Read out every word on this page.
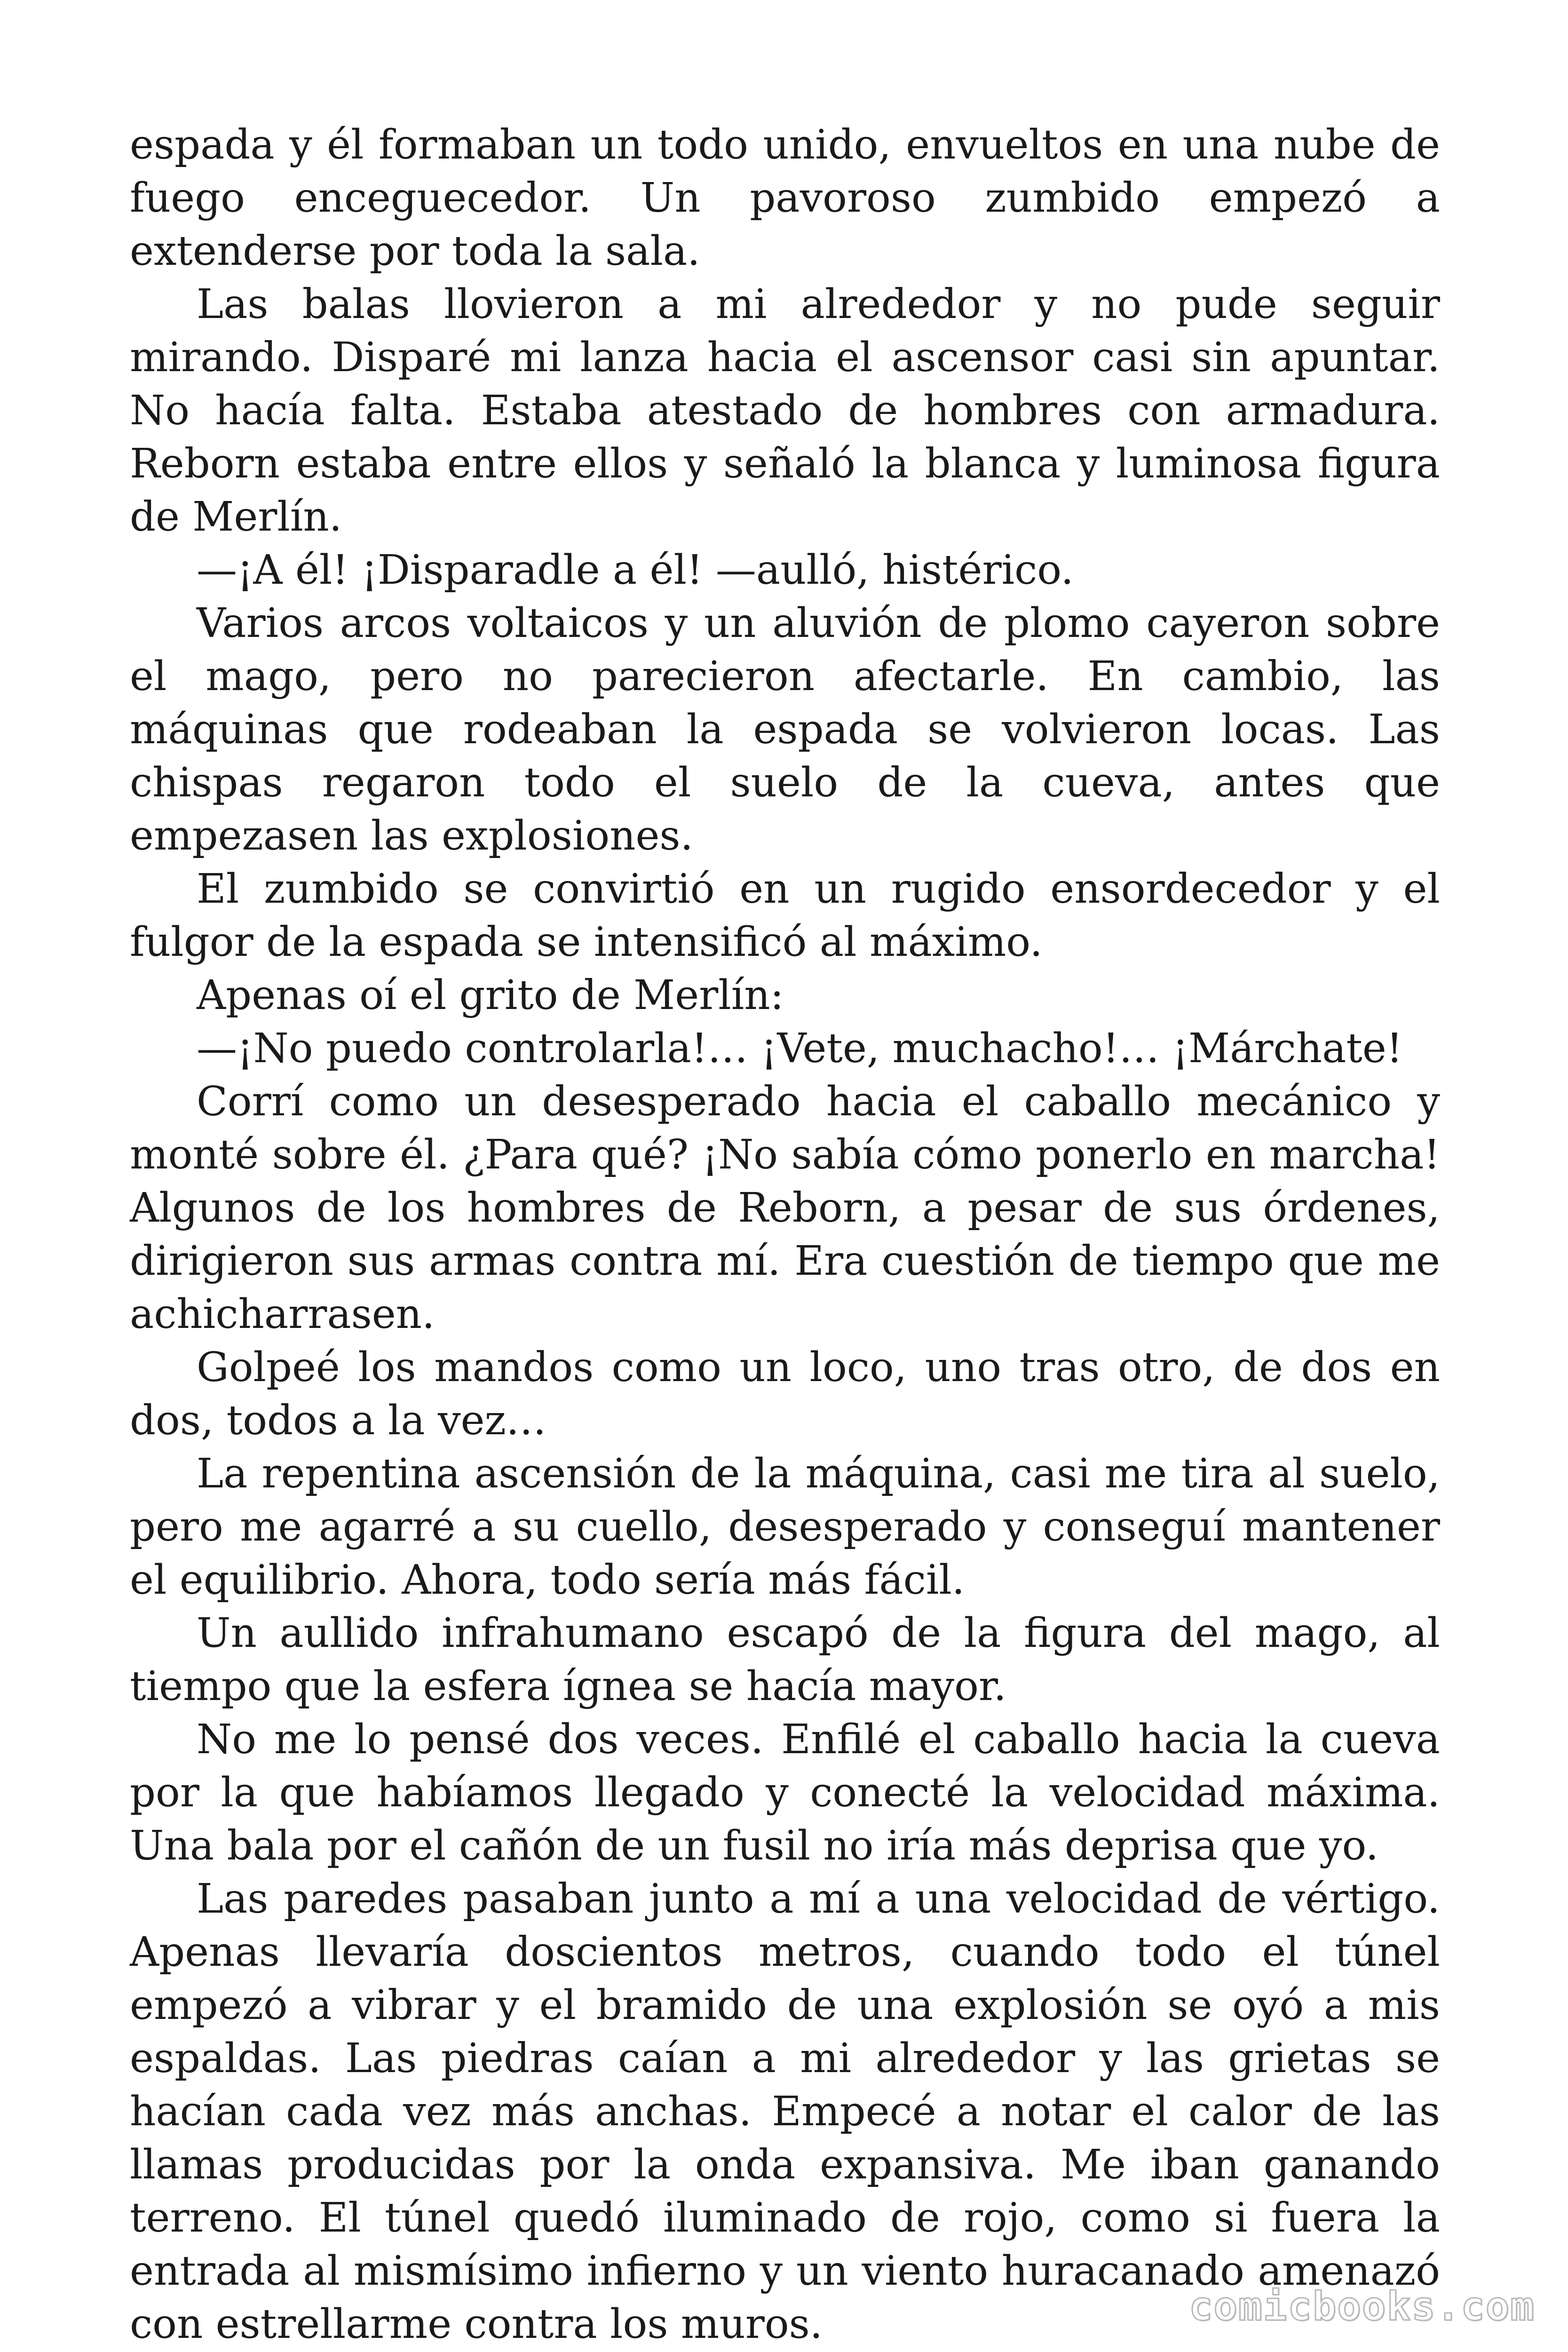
espada y él formaban un todo unido, envueltos en una nube de fuego enceguecedor. Un pavoroso zumbido empezó a extenderse por toda la sala.

Las balas llovieron a mi alrededor y no pude seguir mirando. Disparé mi lanza hacia el ascensor casi sin apuntar. No hacía falta. Estaba atestado de hombres con armadura. Reborn estaba entre ellos y señaló la blanca y luminosa figura de Merlín.

—¡A él! ¡Disparadle a él! —aulló, histérico.

Varios arcos voltaicos y un aluvión de plomo cayeron sobre el mago, pero no parecieron afectarle. En cambio, las máquinas que rodeaban la espada se volvieron locas. Las chispas regaron todo el suelo de la cueva, antes que empezasen las explosiones.

El zumbido se convirtió en un rugido ensordecedor y el fulgor de la espada se intensificó al máximo.

Apenas oí el grito de Merlín:

—¡No puedo controlarla!… ¡Vete, muchacho!… ¡Márchate!

Corrí como un desesperado hacia el caballo mecánico y monté sobre él. ¿Para qué? ¡No sabía cómo ponerlo en marcha! Algunos de los hombres de Reborn, a pesar de sus órdenes, dirigieron sus armas contra mí. Era cuestión de tiempo que me achicharrasen.

Golpeé los mandos como un loco, uno tras otro, de dos en dos, todos a la vez…

La repentina ascensión de la máquina, casi me tira al suelo, pero me agarré a su cuello, desesperado y conseguí mantener el equilibrio. Ahora, todo sería más fácil.

Un aullido infrahumano escapó de la figura del mago, al tiempo que la esfera ígnea se hacía mayor.

No me lo pensé dos veces. Enfilé el caballo hacia la cueva por la que habíamos llegado y conecté la velocidad máxima. Una bala por el cañón de un fusil no iría más deprisa que yo.

Las paredes pasaban junto a mí a una velocidad de vértigo. Apenas llevaría doscientos metros, cuando todo el túnel empezó a vibrar y el bramido de una explosión se oyó a mis espaldas. Las piedras caían a mi alrededor y las grietas se hacían cada vez más anchas. Empecé a notar el calor de las llamas producidas por la onda expansiva. Me iban ganando terreno. El túnel quedó iluminado de rojo, como si fuera la entrada al mismísimo infierno y un viento huracanado amenazó con estrellarme contra los muros.	comicbooks.com
